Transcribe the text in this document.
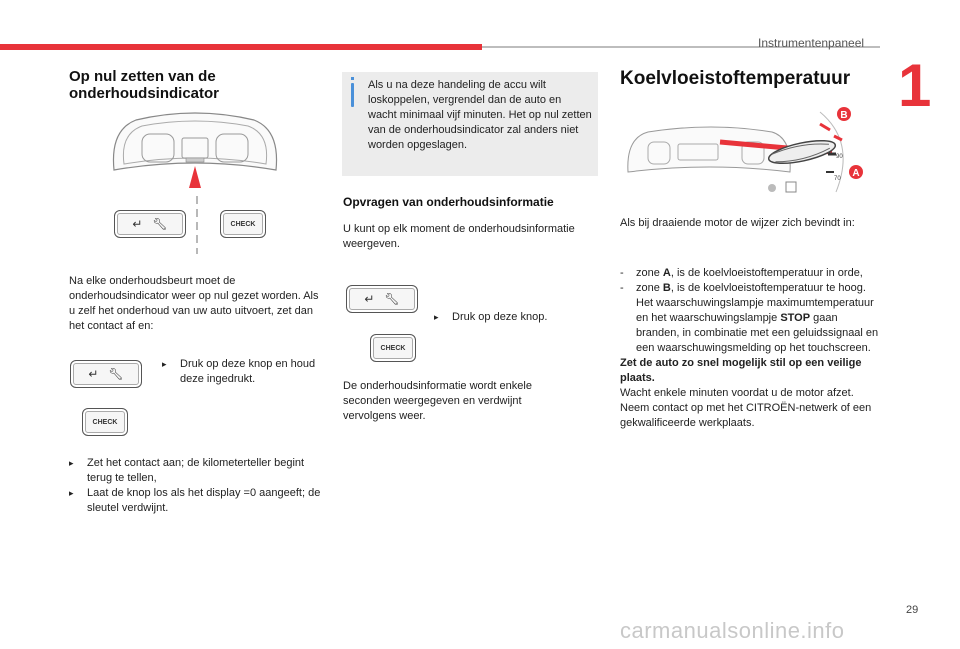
Instrumentenpaneel
1
Op nul zetten van de onderhoudsindicator
↵ 🔧︎	CHECK
Na elke onderhoudsbeurt moet de onderhoudsindicator weer op nul gezet worden. Als u zelf het onderhoud van uw auto uitvoert, zet dan het contact af en:
↵ 🔧︎
▸ Druk op deze knop en houd deze ingedrukt.
CHECK
▸ Zet het contact aan; de kilometerteller begint terug te tellen,
▸ Laat de knop los als het display =0 aangeeft; de sleutel verdwijnt.
Als u na deze handeling de accu wilt loskoppelen, vergrendel dan de auto en wacht minimaal vijf minuten. Het op nul zetten van de onderhoudsindicator zal anders niet worden opgeslagen.
Opvragen van onderhoudsinformatie
U kunt op elk moment de onderhoudsinformatie weergeven.
↵ 🔧︎
▸ Druk op deze knop.
CHECK
De onderhoudsinformatie wordt enkele seconden weergegeven en verdwijnt vervolgens weer.
Koelvloeistoftemperatuur
B
A
90
70
Als bij draaiende motor de wijzer zich bevindt in:
- zone A, is de koelvloeistoftemperatuur in orde,
- zone B, is de koelvloeistoftemperatuur te hoog. Het waarschuwingslampje maximumtemperatuur en het waarschuwingslampje STOP gaan branden, in combinatie met een geluidssignaal en een waarschuwingsmelding op het touchscreen.

Zet de auto zo snel mogelijk stil op een veilige plaats.

Wacht enkele minuten voordat u de motor afzet.

Neem contact op met het CITROËN-netwerk of een gekwalificeerde werkplaats.

29
carmanualsonline.info
